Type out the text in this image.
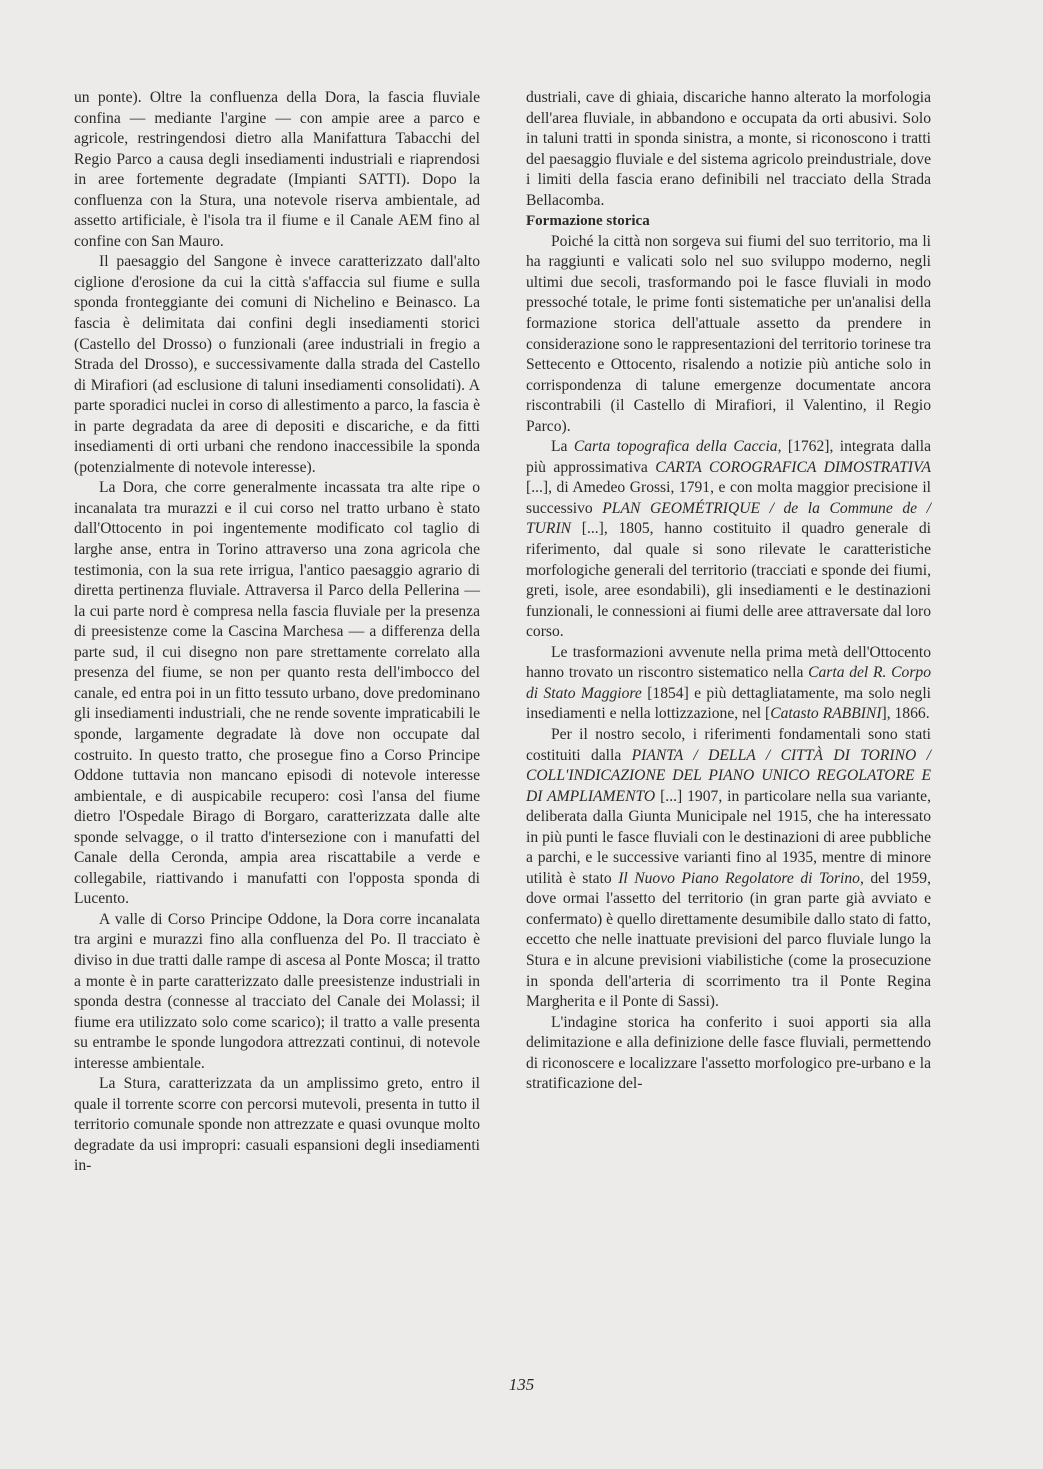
un ponte). Oltre la confluenza della Dora, la fascia fluviale confina — mediante l'argine — con ampie aree a parco e agricole, restringendosi dietro alla Manifattura Tabacchi del Regio Parco a causa degli insediamenti industriali e riaprendosi in aree fortemente degradate (Impianti SATTI). Dopo la confluenza con la Stura, una notevole riserva ambientale, ad assetto artificiale, è l'isola tra il fiume e il Canale AEM fino al confine con San Mauro.

Il paesaggio del Sangone è invece caratterizzato dall'alto ciglione d'erosione da cui la città s'affaccia sul fiume e sulla sponda fronteggiante dei comuni di Nichelino e Beinasco. La fascia è delimitata dai confini degli insediamenti storici (Castello del Drosso) o funzionali (aree industriali in fregio a Strada del Drosso), e successivamente dalla strada del Castello di Mirafiori (ad esclusione di taluni insediamenti consolidati). A parte sporadici nuclei in corso di allestimento a parco, la fascia è in parte degradata da aree di depositi e discariche, e da fitti insediamenti di orti urbani che rendono inaccessibile la sponda (potenzialmente di notevole interesse).

La Dora, che corre generalmente incassata tra alte ripe o incanalata tra murazzi e il cui corso nel tratto urbano è stato dall'Ottocento in poi ingentemente modificato col taglio di larghe anse, entra in Torino attraverso una zona agricola che testimonia, con la sua rete irrigua, l'antico paesaggio agrario di diretta pertinenza fluviale. Attraversa il Parco della Pellerina — la cui parte nord è compresa nella fascia fluviale per la presenza di preesistenze come la Cascina Marchesa — a differenza della parte sud, il cui disegno non pare strettamente correlato alla presenza del fiume, se non per quanto resta dell'imbocco del canale, ed entra poi in un fitto tessuto urbano, dove predominano gli insediamenti industriali, che ne rende sovente impraticabili le sponde, largamente degradate là dove non occupate dal costruito. In questo tratto, che prosegue fino a Corso Principe Oddone tuttavia non mancano episodi di notevole interesse ambientale, e di auspicabile recupero: così l'ansa del fiume dietro l'Ospedale Birago di Borgaro, caratterizzata dalle alte sponde selvagge, o il tratto d'intersezione con i manufatti del Canale della Ceronda, ampia area riscattabile a verde e collegabile, riattivando i manufatti con l'opposta sponda di Lucento.

A valle di Corso Principe Oddone, la Dora corre incanalata tra argini e murazzi fino alla confluenza del Po. Il tracciato è diviso in due tratti dalle rampe di ascesa al Ponte Mosca; il tratto a monte è in parte caratterizzato dalle preesistenze industriali in sponda destra (connesse al tracciato del Canale dei Molassi; il fiume era utilizzato solo come scarico); il tratto a valle presenta su entrambe le sponde lungodora attrezzati continui, di notevole interesse ambientale.

La Stura, caratterizzata da un amplissimo greto, entro il quale il torrente scorre con percorsi mutevoli, presenta in tutto il territorio comunale sponde non attrezzate e quasi ovunque molto degradate da usi impropri: casuali espansioni degli insediamenti in-

dustriali, cave di ghiaia, discariche hanno alterato la morfologia dell'area fluviale, in abbandono e occupata da orti abusivi. Solo in taluni tratti in sponda sinistra, a monte, si riconoscono i tratti del paesaggio fluviale e del sistema agricolo preindustriale, dove i limiti della fascia erano definibili nel tracciato della Strada Bellacomba.

Formazione storica

Poiché la città non sorgeva sui fiumi del suo territorio, ma li ha raggiunti e valicati solo nel suo sviluppo moderno, negli ultimi due secoli, trasformando poi le fasce fluviali in modo pressoché totale, le prime fonti sistematiche per un'analisi della formazione storica dell'attuale assetto da prendere in considerazione sono le rappresentazioni del territorio torinese tra Settecento e Ottocento, risalendo a notizie più antiche solo in corrispondenza di talune emergenze documentate ancora riscontrabili (il Castello di Mirafiori, il Valentino, il Regio Parco).

La Carta topografica della Caccia, [1762], integrata dalla più approssimativa CARTA COROGRAFICA DIMOSTRATIVA [...], di Amedeo Grossi, 1791, e con molta maggior precisione il successivo PLAN GEOMÉTRIQUE / de la Commune de / TURIN [...], 1805, hanno costituito il quadro generale di riferimento, dal quale si sono rilevate le caratteristiche morfologiche generali del territorio (tracciati e sponde dei fiumi, greti, isole, aree esondabili), gli insediamenti e le destinazioni funzionali, le connessioni ai fiumi delle aree attraversate dal loro corso.

Le trasformazioni avvenute nella prima metà dell'Ottocento hanno trovato un riscontro sistematico nella Carta del R. Corpo di Stato Maggiore [1854] e più dettagliatamente, ma solo negli insediamenti e nella lottizzazione, nel [Catasto RABBINI], 1866.

Per il nostro secolo, i riferimenti fondamentali sono stati costituiti dalla PIANTA / DELLA / CITTÀ DI TORINO / COLL'INDICAZIONE DEL PIANO UNICO REGOLATORE E DI AMPLIAMENTO [...] 1907, in particolare nella sua variante, deliberata dalla Giunta Municipale nel 1915, che ha interessato in più punti le fasce fluviali con le destinazioni di aree pubbliche a parchi, e le successive varianti fino al 1935, mentre di minore utilità è stato Il Nuovo Piano Regolatore di Torino, del 1959, dove ormai l'assetto del territorio (in gran parte già avviato e confermato) è quello direttamente desumibile dallo stato di fatto, eccetto che nelle inattuate previsioni del parco fluviale lungo la Stura e in alcune previsioni viabilistiche (come la prosecuzione in sponda dell'arteria di scorrimento tra il Ponte Regina Margherita e il Ponte di Sassi).

L'indagine storica ha conferito i suoi apporti sia alla delimitazione e alla definizione delle fasce fluviali, permettendo di riconoscere e localizzare l'assetto morfologico pre-urbano e la stratificazione del-

135
